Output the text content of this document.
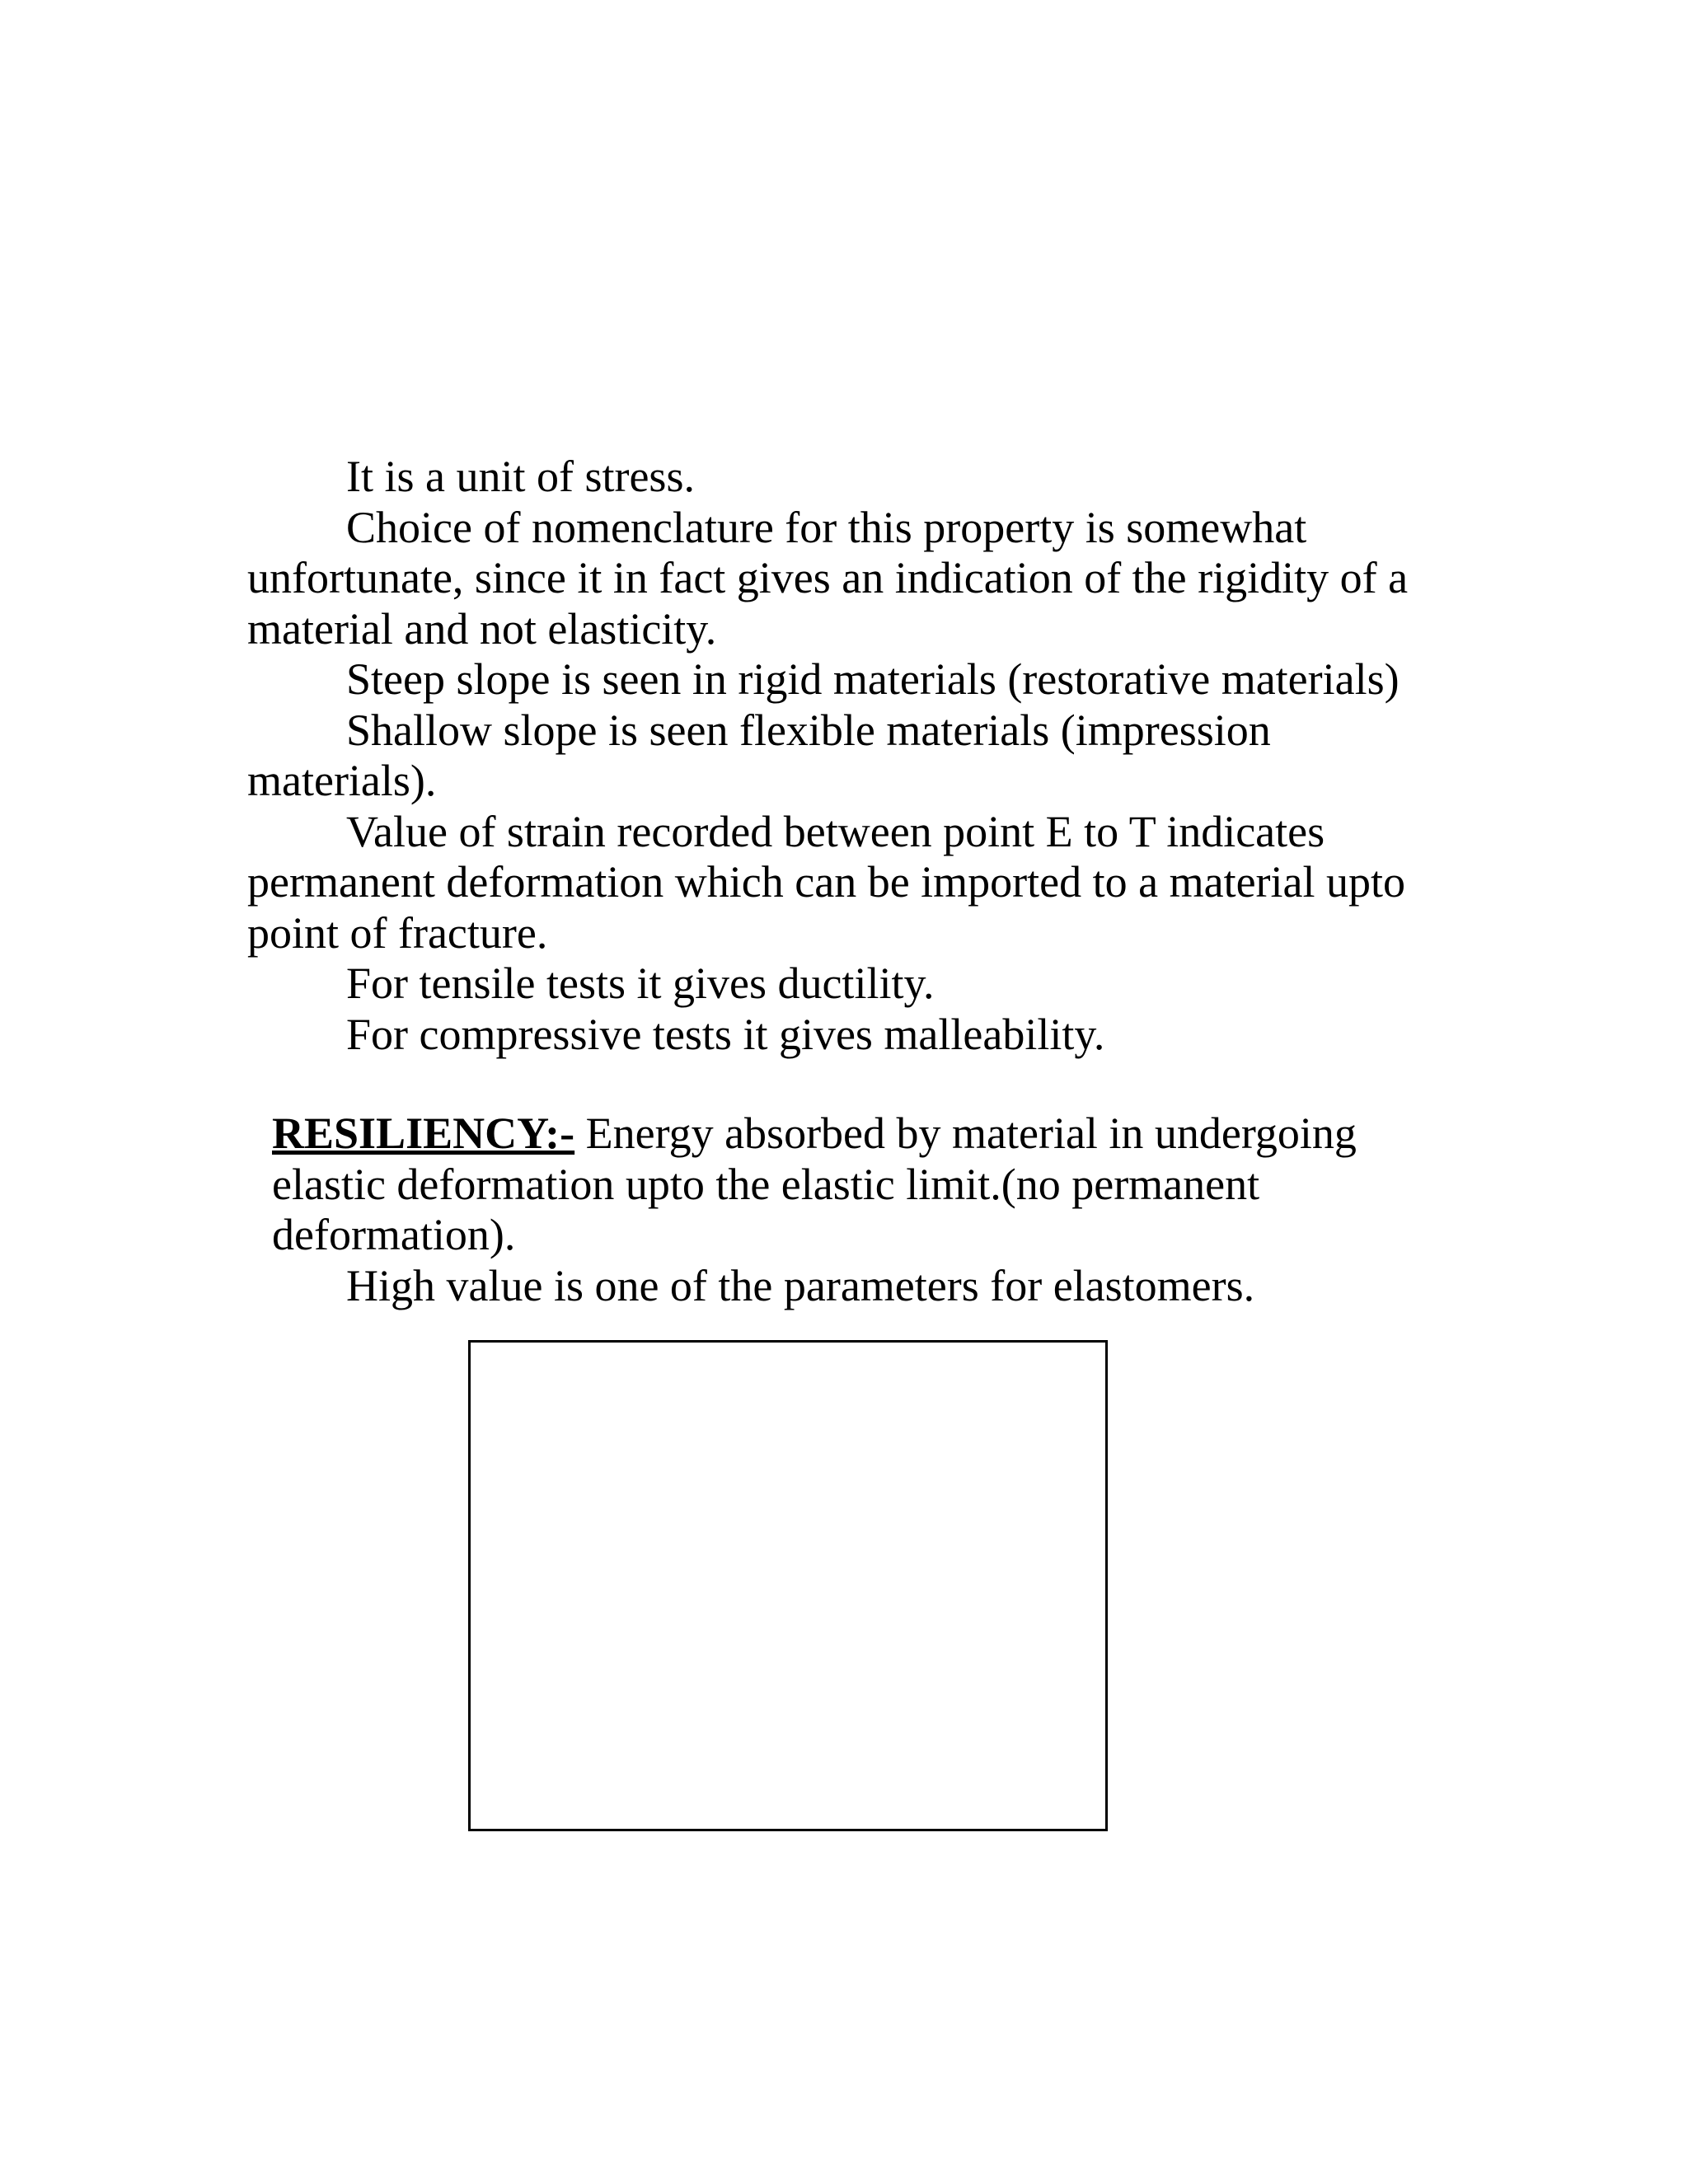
It is a unit of stress.

Choice of nomenclature for this property is somewhat unfortunate, since it in fact gives an indication of the rigidity of a material and not elasticity.

Steep slope is seen in rigid materials (restorative materials)

Shallow slope is seen flexible materials (impression materials).

Value of strain recorded between point E to T indicates permanent deformation which can be imported to a material upto point of fracture.

For tensile tests it gives ductility.

For compressive tests it gives malleability.

RESILIENCY:- Energy absorbed by material in undergoing elastic deformation upto the elastic limit.(no permanent deformation).

High value is one of the parameters for elastomers.
